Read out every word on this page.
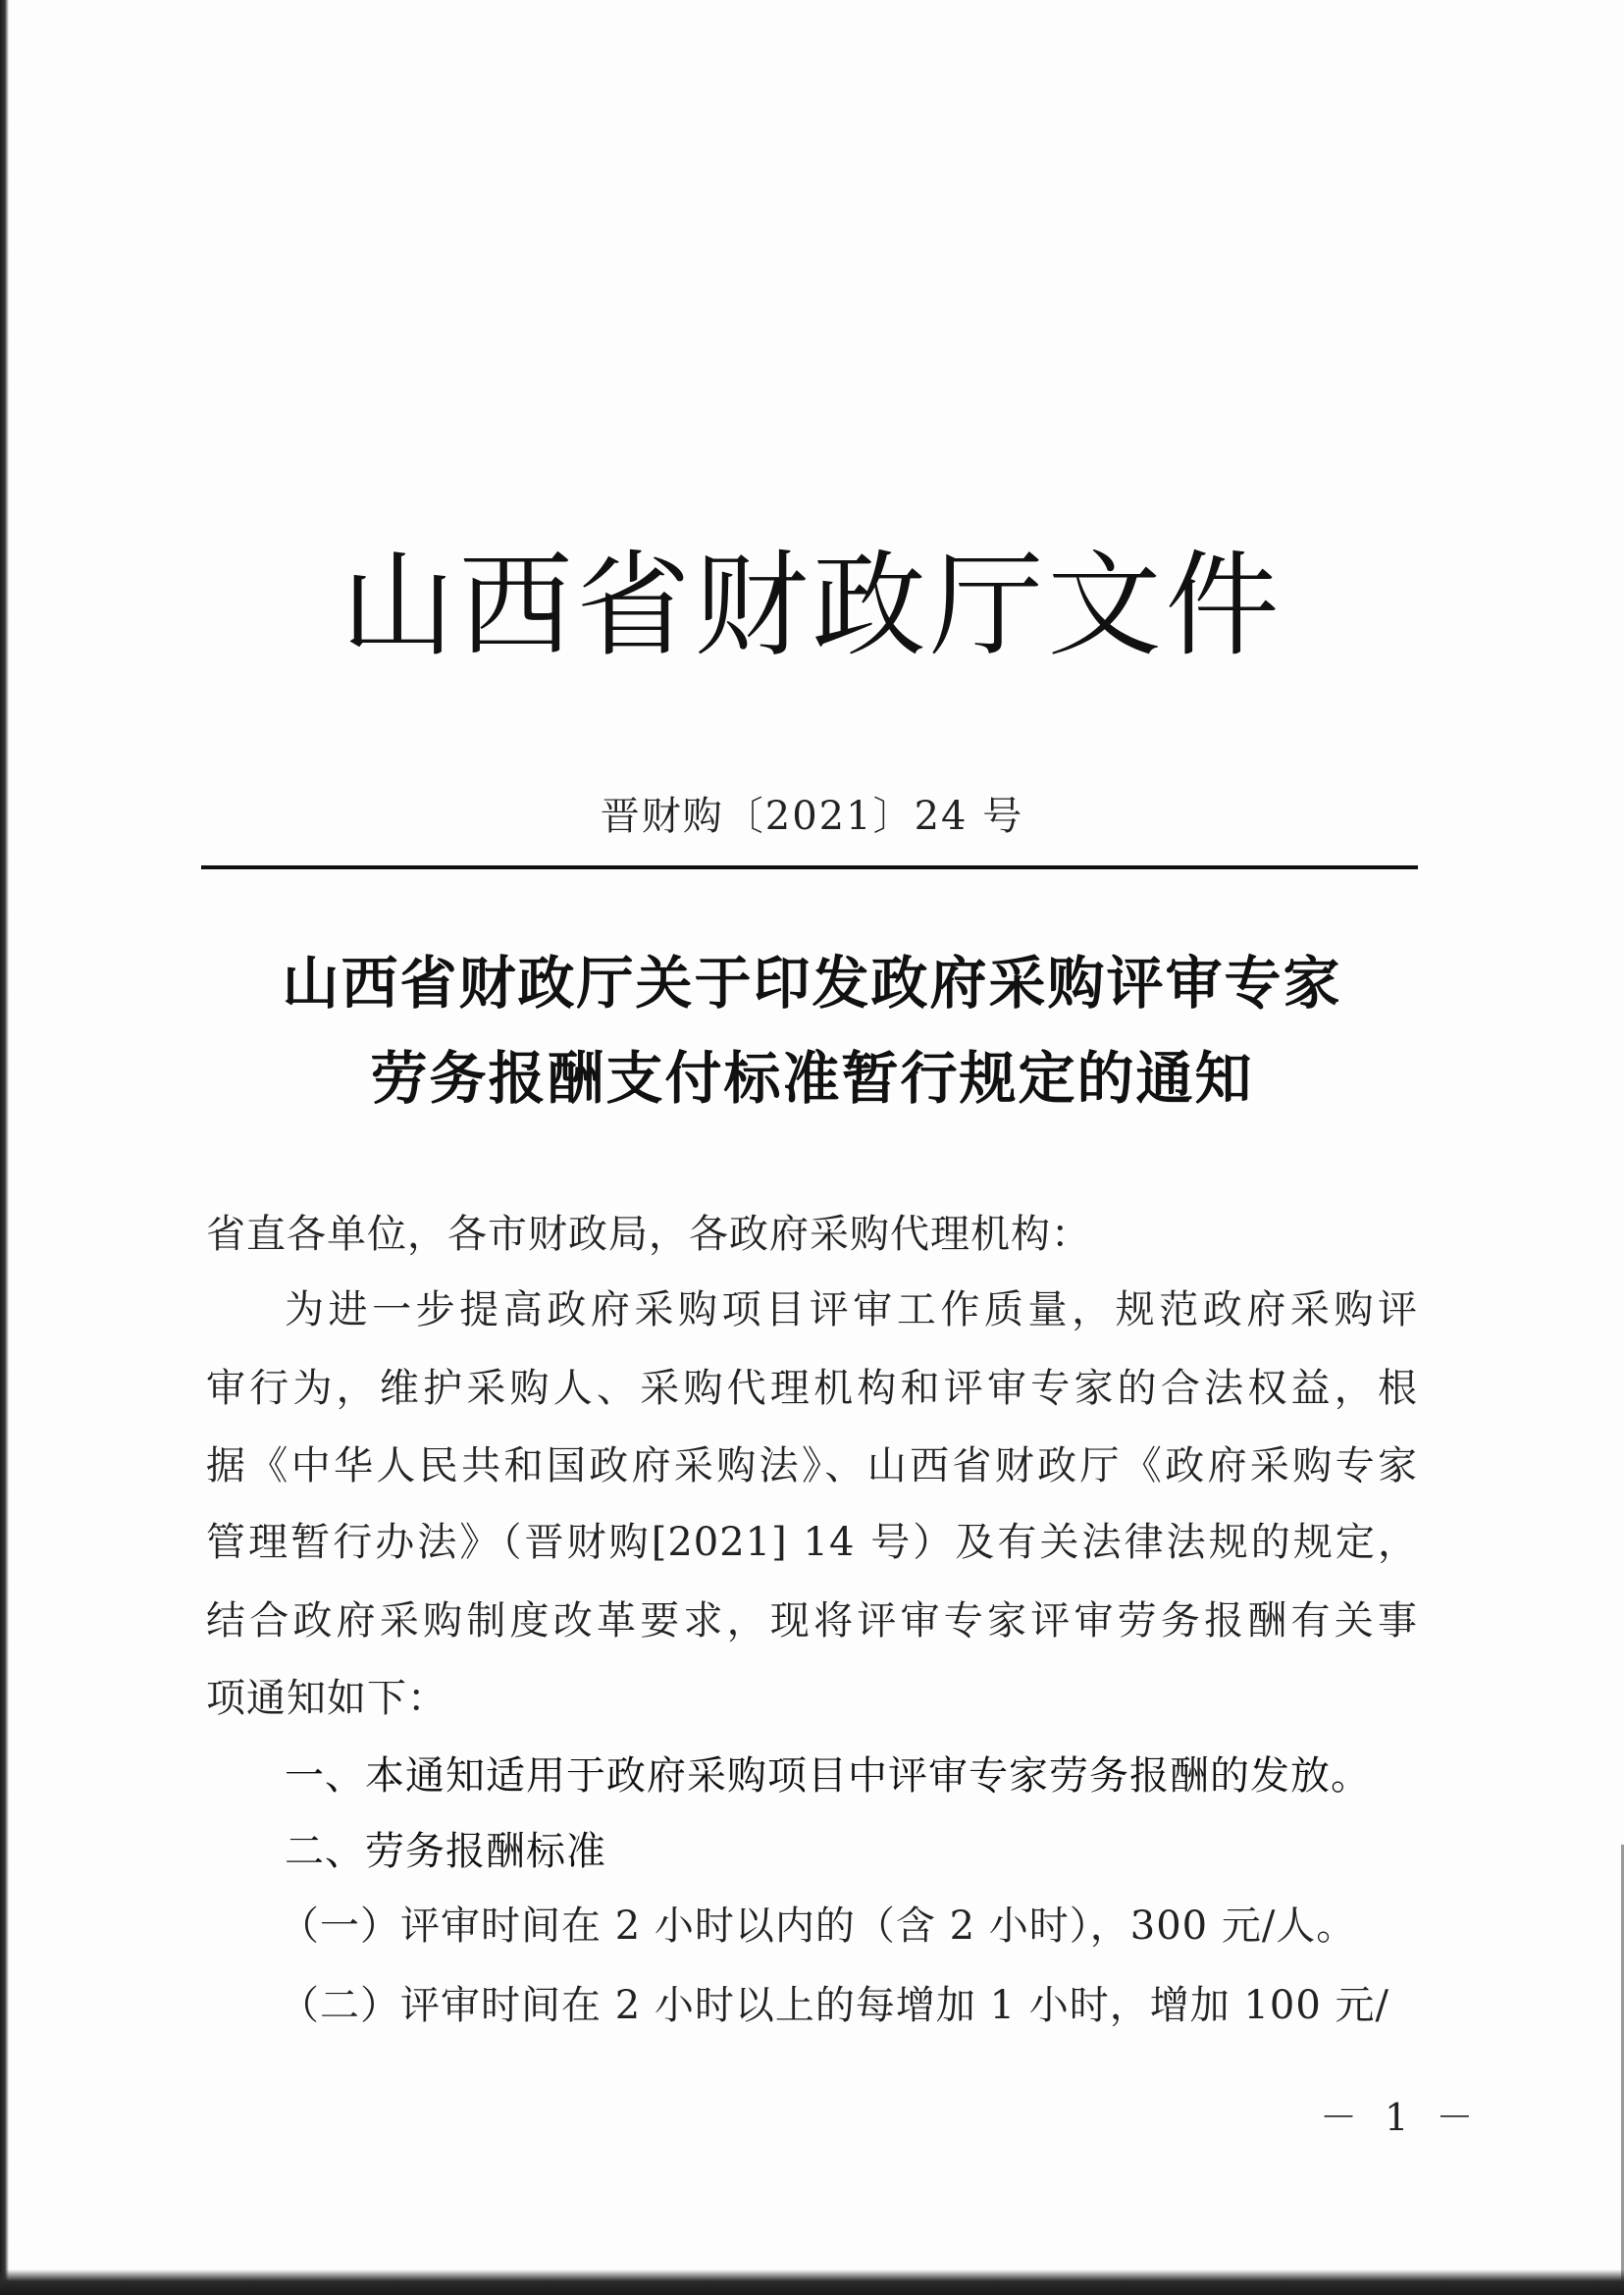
山西省财政厅文件
晋财购〔2021〕24 号
山西省财政厅关于印发政府采购评审专家
劳务报酬支付标准暂行规定的通知
省直各单位，各市财政局，各政府采购代理机构：
为进一步提高政府采购项目评审工作质量，规范政府采购评
审行为，维护采购人、采购代理机构和评审专家的合法权益，根
据《中华人民共和国政府采购法》、山西省财政厅《政府采购专家
管理暂行办法》（晋财购[2021] 14 号）及有关法律法规的规定，
结合政府采购制度改革要求，现将评审专家评审劳务报酬有关事
项通知如下：
一、本通知适用于政府采购项目中评审专家劳务报酬的发放。
二、劳务报酬标准
（一）评审时间在 2 小时以内的（含 2 小时），300 元/人。
（二）评审时间在 2 小时以上的每增加 1 小时，增加 100 元/
－ 1 －
